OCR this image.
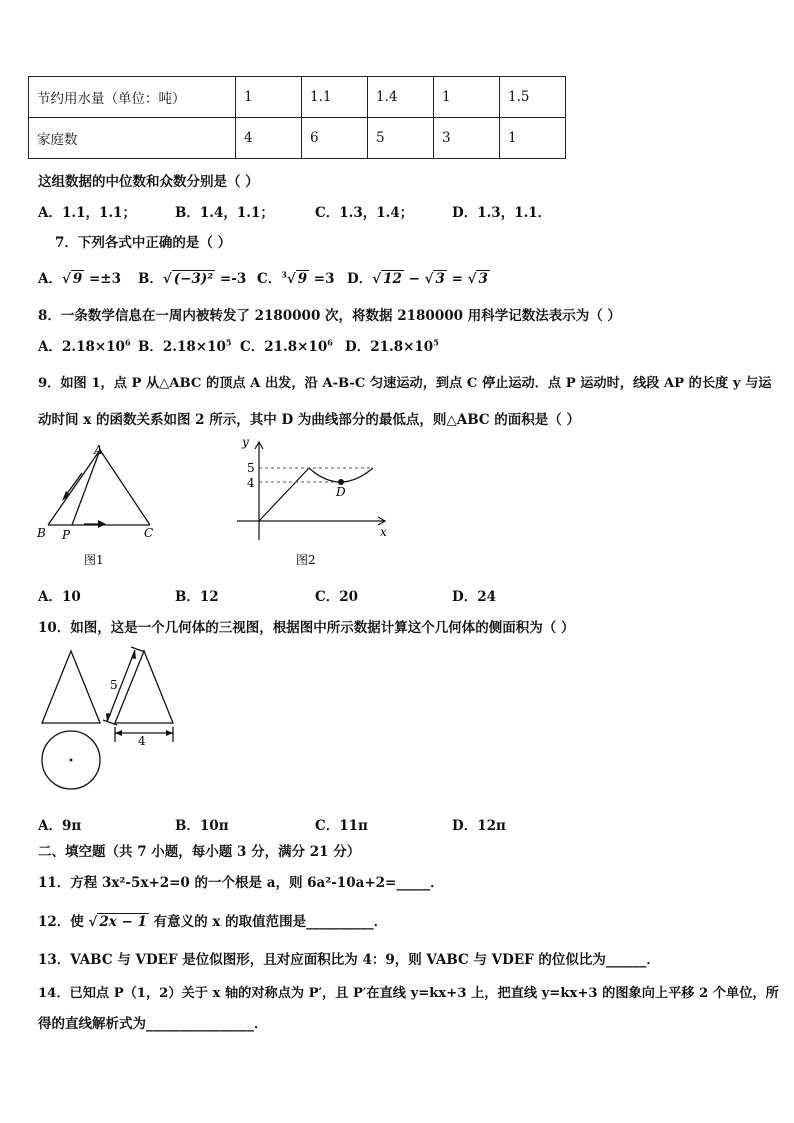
节约用水量（单位：吨）	1	1.1	1.4	1	1.5
家庭数	4	6	5	3	1
这组数据的中位数和众数分别是（ ）
A．1.1，1.1；	B．1.4，1.1；	C．1.3，1.4；	D．1.3，1.1．
7．下列各式中正确的是（ ）
A．√ 9 =±3 B．√ (−3)² =-3 C．$^3$√ 9 =3 D．√ 12 − √ 3 = √ 3
8．一条数学信息在一周内被转发了 2180000 次，将数据 2180000 用科学记数法表示为（ ）
A．$2.18\times 10^6$ B．$2.18\times 10^5$ C．$21.8\times 10^6$ D．$21.8\times 10^5$
9．如图 1，点 P 从△ABC 的顶点 A 出发，沿 A-B-C 匀速运动，到点 C 停止运动．点 P 运动时，线段 AP 的长度 y 与运
动时间 x 的函数关系如图 2 所示，其中 D 为曲线部分的最低点，则△ABC 的面积是（ ）
A
B P	C
图1
y
x
5
4
D
图2
A．10	B．12	C．20	D．24
10．如图，这是一个几何体的三视图，根据图中所示数据计算这个几何体的侧面积为（ ）
5
4
A．9π	B．10π	C．11π	D．12π
二、填空题（共 7 小题，每小题 3 分，满分 21 分）
11．方程 3x²-5x+2=0 的一个根是 a，则 6a²-10a+2=_____．
12．使 √ 2x − 1 有意义的 x 的取值范围是__________．
13．VABC 与 VDEF 是位似图形，且对应面积比为 4：9，则 VABC 与 VDEF 的位似比为______．
14．已知点 P（1，2）关于 x 轴的对称点为 P′，且 P′在直线 y=kx+3 上，把直线 y=kx+3 的图象向上平移 2 个单位，所
得的直线解析式为________________．
